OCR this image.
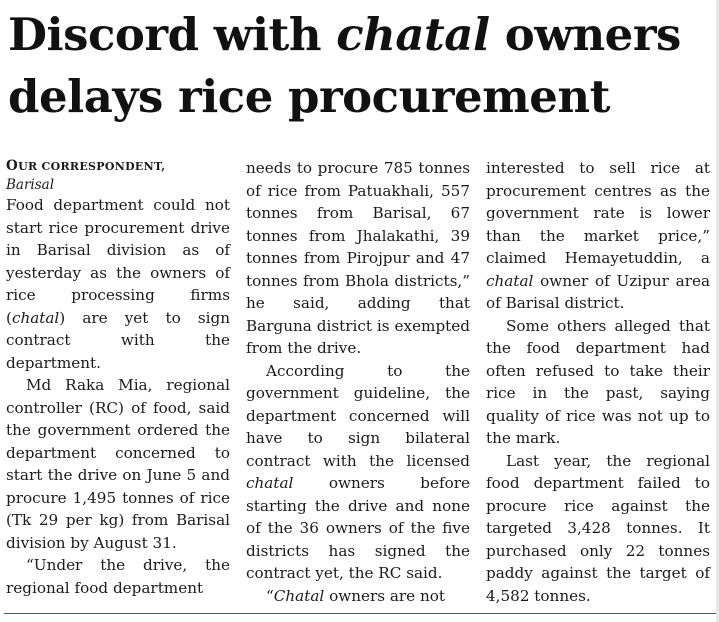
Discord with chatal owners delays rice procurement

OUR CORRESPONDENT,

Barisal

Food department could not start rice procurement drive in Barisal division as of yesterday as the owners of rice processing firms (chatal) are yet to sign contract with the department.

Md Raka Mia, regional controller (RC) of food, said the government ordered the department concerned to start the drive on June 5 and procure 1,495 tonnes of rice (Tk 29 per kg) from Barisal division by August 31.

“Under the drive, the regional food department

needs to procure 785 tonnes of rice from Patuakhali, 557 tonnes from Barisal, 67 tonnes from Jhalakathi, 39 tonnes from Pirojpur and 47 tonnes from Bhola districts,” he said, adding that Barguna district is exempted from the drive.

According to the government guideline, the department concerned will have to sign bilateral contract with the licensed chatal owners before starting the drive and none of the 36 owners of the five districts has signed the contract yet, the RC said.

“Chatal owners are not

interested to sell rice at procurement centres as the government rate is lower than the market price,” claimed Hemayetuddin, a chatal owner of Uzipur area of Barisal district.

Some others alleged that the food department had often refused to take their rice in the past, saying quality of rice was not up to the mark.

Last year, the regional food department failed to procure rice against the targeted 3,428 tonnes. It purchased only 22 tonnes paddy against the target of 4,582 tonnes.
